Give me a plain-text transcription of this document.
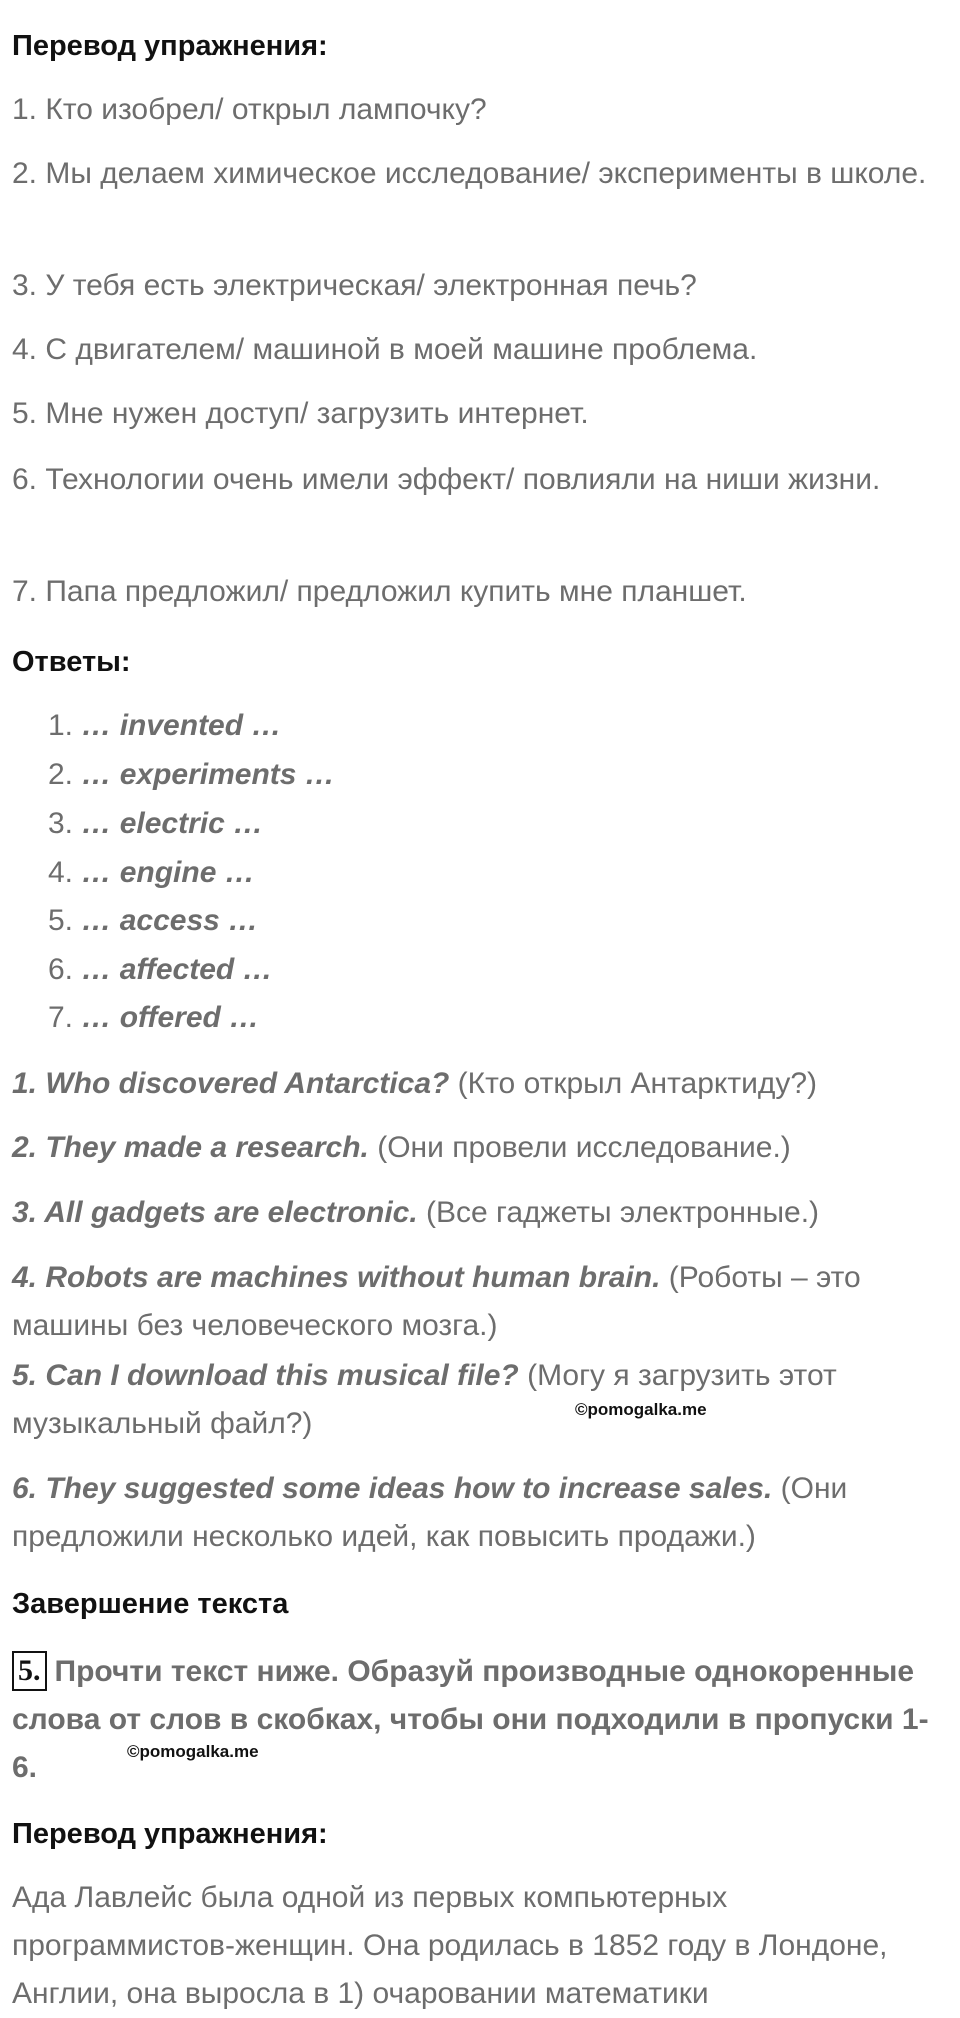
Перевод упражнения:
1. Кто изобрел/ открыл лампочку?
2. Мы делаем химическое исследование/ эксперименты в школе.
3. У тебя есть электрическая/ электронная печь?
4. С двигателем/ машиной в моей машине проблема.
5. Мне нужен доступ/ загрузить интернет.
6. Технологии очень имели эффект/ повлияли на ниши жизни.
7. Папа предложил/ предложил купить мне планшет.
Ответы:
1. … invented …
2. … experiments …
3. … electric …
4. … engine …
5. … access …
6. … affected …
7. … offered …
1. Who discovered Antarctica? (Кто открыл Антарктиду?)
2. They made a research. (Они провели исследование.)
3. All gadgets are electronic. (Все гаджеты электронные.)
4. Robots are machines without human brain. (Роботы – это машины без человеческого мозга.)
5. Can I download this musical file? (Могу я загрузить этот музыкальный файл?)	©pomogalka.me
6. They suggested some ideas how to increase sales. (Они предложили несколько идей, как повысить продажи.)
Завершение текста
5. Прочти текст ниже. Образуй производные однокоренные слова от слов в скобках, чтобы они подходили в пропуски 1-6.	©pomogalka.me
Перевод упражнения:
Ада Лавлейс была одной из первых компьютерных программистов-женщин. Она родилась в 1852 году в Лондоне, Англии, она выросла в 1) очаровании математики
